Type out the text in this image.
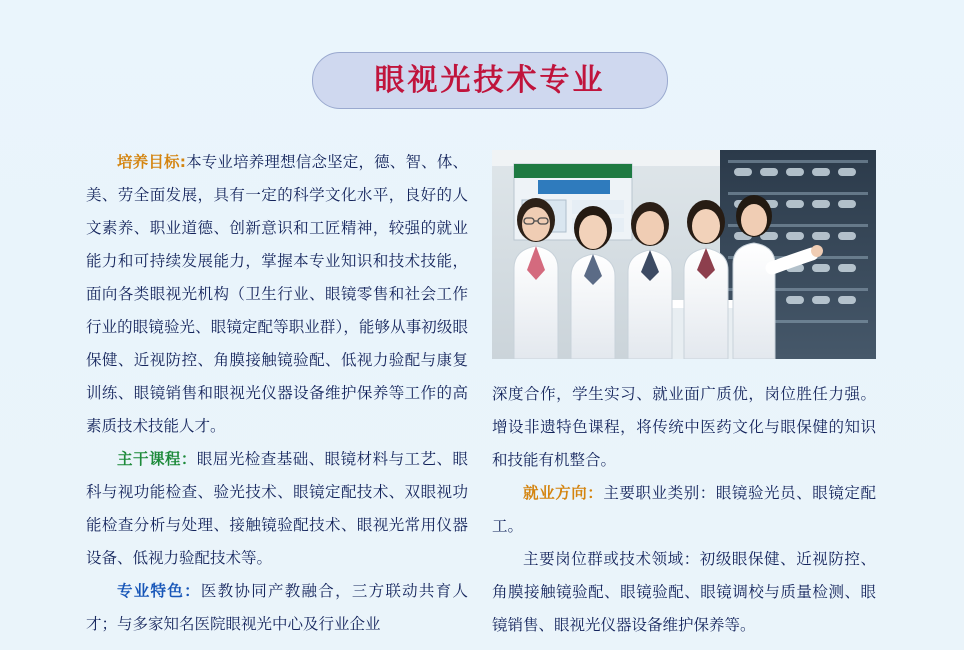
眼视光技术专业

培养目标:本专业培养理想信念坚定，德、智、体、美、劳全面发展，具有一定的科学文化水平，良好的人文素养、职业道德、创新意识和工匠精神，较强的就业能力和可持续发展能力，掌握本专业知识和技术技能，面向各类眼视光机构（卫生行业、眼镜零售和社会工作行业的眼镜验光、眼镜定配等职业群），能够从事初级眼保健、近视防控、角膜接触镜验配、低视力验配与康复训练、眼镜销售和眼视光仪器设备维护保养等工作的高素质技术技能人才。

主干课程：眼屈光检查基础、眼镜材料与工艺、眼科与视功能检查、验光技术、眼镜定配技术、双眼视功能检查分析与处理、接触镜验配技术、眼视光常用仪器设备、低视力验配技术等。

专业特色：医教协同产教融合，三方联动共育人才；与多家知名医院眼视光中心及行业企业

深度合作，学生实习、就业面广质优，岗位胜任力强。增设非遗特色课程，将传统中医药文化与眼保健的知识和技能有机整合。

就业方向：主要职业类别：眼镜验光员、眼镜定配工。

主要岗位群或技术领域：初级眼保健、近视防控、角膜接触镜验配、眼镜验配、眼镜调校与质量检测、眼镜销售、眼视光仪器设备维护保养等。
